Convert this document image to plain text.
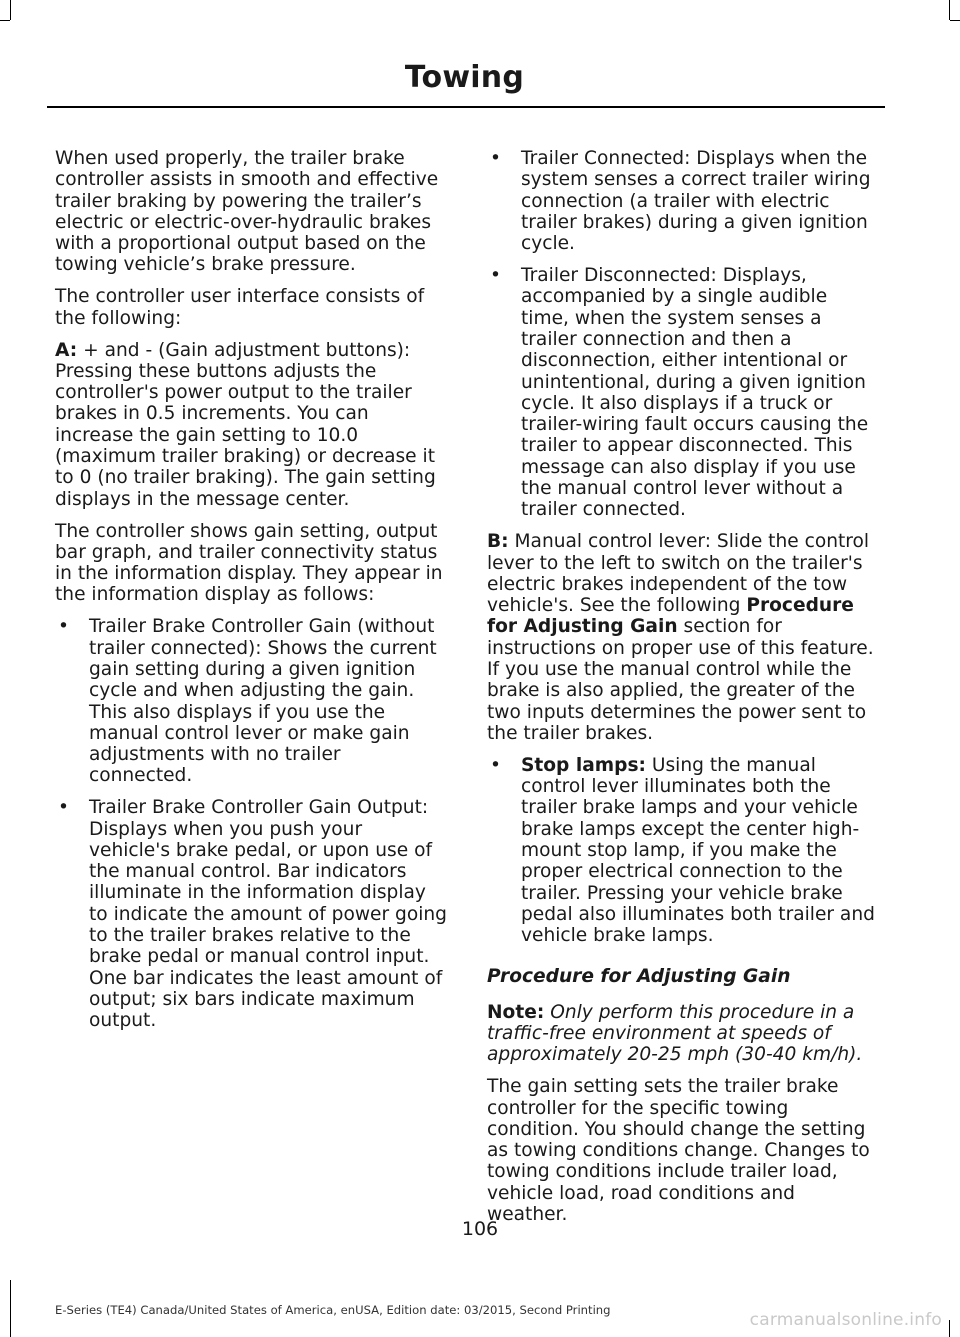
Towing

When used properly, the trailer brake controller assists in smooth and effective trailer braking by powering the trailer’s electric or electric-over-hydraulic brakes with a proportional output based on the towing vehicle’s brake pressure.

The controller user interface consists of the following:

A: + and - (Gain adjustment buttons): Pressing these buttons adjusts the controller's power output to the trailer brakes in 0.5 increments. You can increase the gain setting to 10.0 (maximum trailer braking) or decrease it to 0 (no trailer braking). The gain setting displays in the message center.

The controller shows gain setting, output bar graph, and trailer connectivity status in the information display. They appear in the information display as follows:

• Trailer Brake Controller Gain (without trailer connected): Shows the current gain setting during a given ignition cycle and when adjusting the gain. This also displays if you use the manual control lever or make gain adjustments with no trailer connected.
• Trailer Brake Controller Gain Output: Displays when you push your vehicle's brake pedal, or upon use of the manual control. Bar indicators illuminate in the information display to indicate the amount of power going to the trailer brakes relative to the brake pedal or manual control input. One bar indicates the least amount of output; six bars indicate maximum output.
• Trailer Connected: Displays when the system senses a correct trailer wiring connection (a trailer with electric trailer brakes) during a given ignition cycle.
• Trailer Disconnected: Displays, accompanied by a single audible time, when the system senses a trailer connection and then a disconnection, either intentional or unintentional, during a given ignition cycle. It also displays if a truck or trailer-wiring fault occurs causing the trailer to appear disconnected. This message can also display if you use the manual control lever without a trailer connected.

B: Manual control lever: Slide the control lever to the left to switch on the trailer's electric brakes independent of the tow vehicle's. See the following Procedure for Adjusting Gain section for instructions on proper use of this feature. If you use the manual control while the brake is also applied, the greater of the two inputs determines the power sent to the trailer brakes.

• Stop lamps: Using the manual control lever illuminates both the trailer brake lamps and your vehicle brake lamps except the center high-mount stop lamp, if you make the proper electrical connection to the trailer. Pressing your vehicle brake pedal also illuminates both trailer and vehicle brake lamps.

Procedure for Adjusting Gain

Note: Only perform this procedure in a traffic-free environment at speeds of approximately 20-25 mph (30-40 km/h).

The gain setting sets the trailer brake controller for the specific towing condition. You should change the setting as towing conditions change. Changes to towing conditions include trailer load, vehicle load, road conditions and weather.

106
E-Series (TE4) Canada/United States of America, enUSA, Edition date: 03/2015, Second Printing	carmanualsonline.info
